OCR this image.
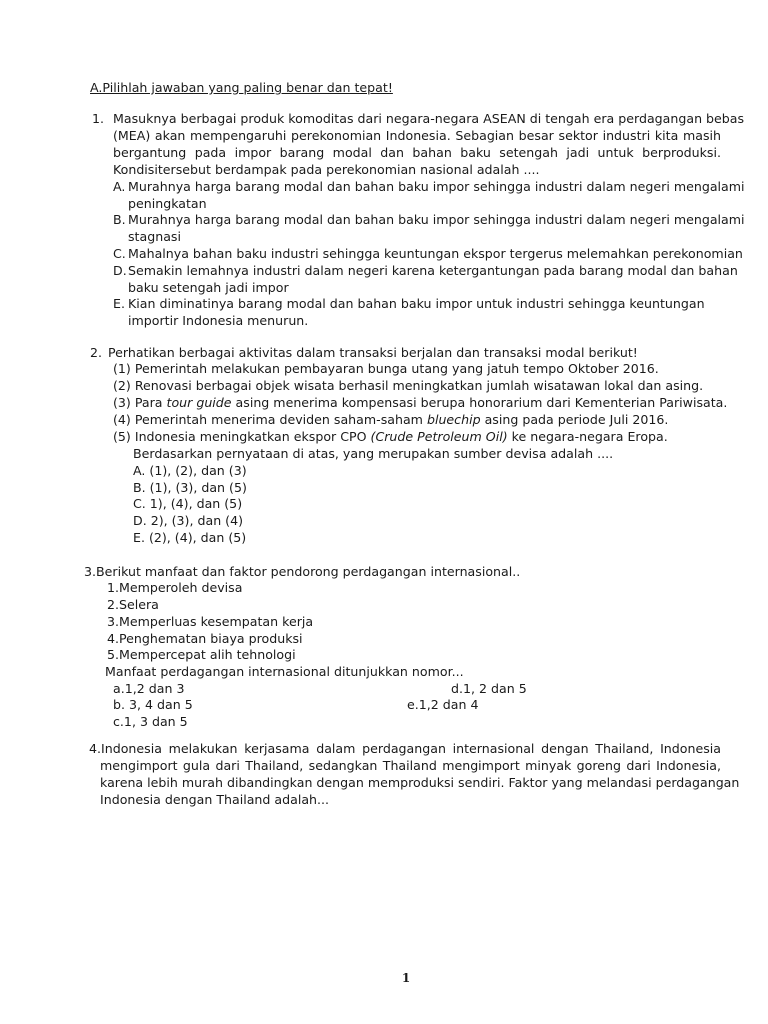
A.Pilihlah jawaban yang paling benar dan tepat!
1. Masuknya berbagai produk komoditas dari negara-negara ASEAN di tengah era perdagangan bebas
(MEA) akan mempengaruhi perekonomian Indonesia. Sebagian besar sektor industri kita masih
bergantung pada impor barang modal dan bahan baku setengah jadi untuk berproduksi.
Kondisitersebut berdampak pada perekonomian nasional adalah ....
A. Murahnya harga barang modal dan bahan baku impor sehingga industri dalam negeri mengalami
peningkatan
B. Murahnya harga barang modal dan bahan baku impor sehingga industri dalam negeri mengalami
stagnasi
C. Mahalnya bahan baku industri sehingga keuntungan ekspor tergerus melemahkan perekonomian
D. Semakin lemahnya industri dalam negeri karena ketergantungan pada barang modal dan bahan
baku setengah jadi impor
E. Kian diminatinya barang modal dan bahan baku impor untuk industri sehingga keuntungan
importir Indonesia menurun.
2. Perhatikan berbagai aktivitas dalam transaksi berjalan dan transaksi modal berikut!
(1) Pemerintah melakukan pembayaran bunga utang yang jatuh tempo Oktober 2016.
(2) Renovasi berbagai objek wisata berhasil meningkatkan jumlah wisatawan lokal dan asing.
(3) Para tour guide asing menerima kompensasi berupa honorarium dari Kementerian Pariwisata.
(4) Pemerintah menerima deviden saham-saham bluechip asing pada periode Juli 2016.
(5) Indonesia meningkatkan ekspor CPO (Crude Petroleum Oil) ke negara-negara Eropa.
Berdasarkan pernyataan di atas, yang merupakan sumber devisa adalah ....
A. (1), (2), dan (3)
B. (1), (3), dan (5)
C. 1), (4), dan (5)
D. 2), (3), dan (4)
E. (2), (4), dan (5)
3.Berikut manfaat dan faktor pendorong perdagangan internasional..
1.Memperoleh devisa
2.Selera
3.Memperluas kesempatan kerja
4.Penghematan biaya produksi
5.Mempercepat alih tehnologi
Manfaat perdagangan internasional ditunjukkan nomor...
a.1,2 dan 3	d.1, 2 dan 5
b. 3, 4 dan 5	e.1,2 dan 4
c.1, 3 dan 5
4.Indonesia melakukan kerjasama dalam perdagangan internasional dengan Thailand, Indonesia
mengimport gula dari Thailand, sedangkan Thailand mengimport minyak goreng dari Indonesia,
karena lebih murah dibandingkan dengan memproduksi sendiri. Faktor yang melandasi perdagangan
Indonesia dengan Thailand adalah...
1
